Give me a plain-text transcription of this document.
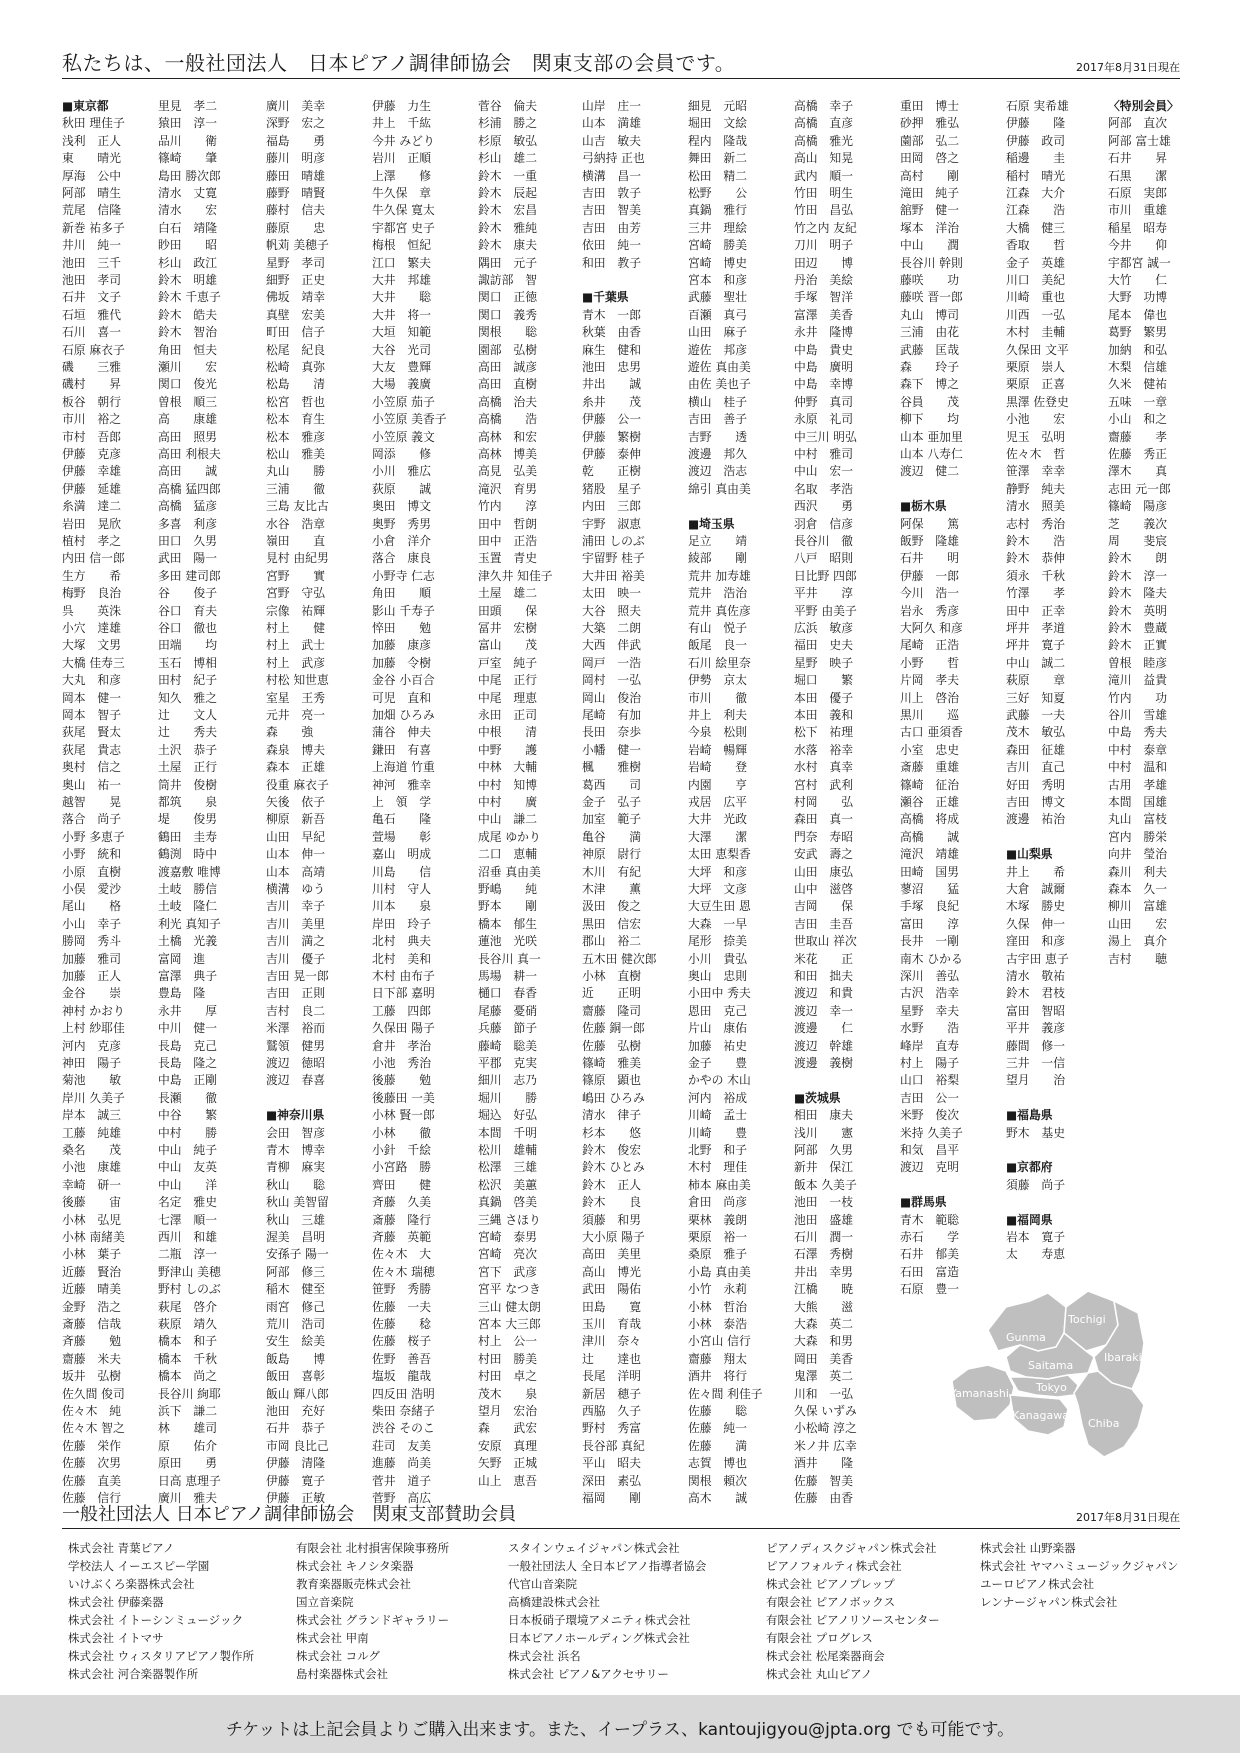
私たちは、一般社団法人　日本ピアノ調律師協会　関東支部の会員です。	2017年8月31日現在
■東京都
秋田 理佳子
浅利　正人
東　　晴光
厚海　公中
阿部　晴生
荒尾　信隆
新巻 祐多子
井川　純一
池田　三千
池田　孝司
石井　文子
石垣　雅代
石川　喜一
石原 麻衣子
磯　　三雅
磯村　　昇
板谷　朝行
市川　裕之
市村　吾郎
伊藤　克彦
伊藤　幸雄
伊藤　延雄
糸満　達二
岩田　晃欣
植村　孝之
内田 信一郎
生方　　希
梅野　良治
呉　　英洙
小穴　達雄
大塚　文男
大橋 佳寿三
大丸　和彦
岡本　健一
岡本　智子
荻尾　賢太
荻尾　貴志
奥村　信之
奥山　祐一
越智　　晃
落合　尚子
小野 多恵子
小野　統和
小原　直樹
小俣　愛沙
尾山　　格
小山　幸子
勝岡　秀斗
加藤　雅司
加藤　正人
金谷　　崇
神村 かおり
上村 紗耶佳
河内　克彦
神田　陽子
菊池　　敏
岸川 久美子
岸本　誠三
工藤　純雄
桑名　　茂
小池　康雄
幸崎　研一
後藤　　宙
小林　弘児
小林 南緒美
小林　葉子
近藤　賢治
近藤　晴美
金野　浩之
斎藤　信哉
斉藤　　勉
齋藤　米夫
坂井　弘樹
佐久間 俊司
佐々木　純
佐々木 智之
佐藤　栄作
佐藤　次男
佐藤　直美
佐藤　信行
里見　孝二
猿田　淳一
品川　　衛
篠崎　　肇
島田 勝次郎
清水　丈寛
清水　　宏
白石　靖隆
眇田　　昭
杉山　政江
鈴木　明雄
鈴木 千恵子
鈴木　皓夫
鈴木　智治
角田　恒夫
瀬川　　宏
関口　俊光
曽根　順三
高　　康雄
高田　照男
高田 利根夫
高田　　誠
高橋 猛四郎
高橋　猛彦
多喜　利彦
田口　久男
武田　陽一
多田 建司郎
谷　　俊子
谷口　育夫
谷口　徹也
田端　　均
玉石　博相
田村　紀子
知久　雅之
辻　　文人
辻　　秀夫
土沢　恭子
土屋　正行
筒井　俊樹
都筑　　泉
堤　　俊男
鶴田　圭寿
鶴渕　時中
渡嘉敷 唯博
土岐　勝信
土岐　隆仁
利光 真知子
土橋　光義
富岡　進
富澤　典子
豊島　隆
永井　　厚
中川　健一
長島　克己
長島　隆之
中島　正剛
長瀬　　徹
中谷　　繁
中村　　勝
中山　純子
中山　友英
中山　　洋
名定　雅史
七澤　順一
西川　和雄
二瓶　淳一
野津山 美穂
野村 しのぶ
萩尾　啓介
萩原　靖久
橋本　和子
橋本　千秋
橋本　尚之
長谷川 絢耶
浜下　謙二
林　　雄司
原　　佑介
原田　　勇
日高 恵理子
廣川　雅夫
廣川　美幸
深野　宏之
福島　　勇
藤川　明彦
藤田　晴雄
藤野　晴賢
藤村　信夫
藤原　　忠
帆苅 美穂子
星野　孝司
細野　正史
佛坂　靖幸
真壁　宏美
町田　信子
松尾　紀良
松崎　真弥
松島　　清
松宮　哲也
松本　育生
松本　雅彦
松山　雅美
丸山　　勝
三浦　　徹
三島 友比古
水谷　浩章
嶺田　　直
見村 由紀男
宮野　　實
宮野　守弘
宗像　祐輝
村上　　健
村上　武士
村上　武彦
村松 知世恵
室星　王秀
元井　亮一
森　　強
森泉　博夫
森本　正雄
役重 麻衣子
矢後　依子
柳原　新吾
山田　早紀
山本　伸一
山本　高靖
横溝　ゆう
吉川　幸子
吉川　美里
吉川　満之
吉川　優子
吉田 晃一郎
吉田　正則
吉村　良二
米澤　裕而
鷲領　健男
渡辺　徳昭
渡辺　春喜
■神奈川県
会田　智彦
青木　博幸
青柳　麻実
秋山　　聡
秋山 美智留
秋山　三雄
渥美　昌明
安孫子 陽一
阿部　修三
稲木　健至
雨宮　修己
荒川　浩司
安生　絵美
飯島　　博
飯田　喜彰
飯山 輝八郎
池田　充好
石井　恭子
市岡 良比己
伊藤　清隆
伊藤　寛子
伊藤　正敏
伊藤　力生
井上　千紘
今井 みどり
岩川　正順
上澤　　修
牛久保　章
牛久保 寛太
宇都宮 史子
梅根　恒紀
江口　繁夫
大井　邦雄
大井　　聡
大井　将一
大垣　知範
大谷　光司
大友　豊輝
大場　義廣
小笠原 茄子
小笠原 美香子
小笠原 義文
岡添　　修
小川　雅広
荻原　　誠
奥田　博文
奥野　秀男
小倉　洋介
落合　康良
小野寺 仁志
角田　　順
影山 千寿子
悴田　　勉
加藤　康彦
加藤　令樹
金谷 小百合
可児　直和
加畑 ひろみ
蒲谷　伸夫
鎌田　有喜
上海道 竹重
神河　雅幸
上　領　学
亀石　　隆
萱場　　彰
嘉山　明成
川島　　信
川村　守人
川本　　泉
岸田　玲子
北村　典夫
北村　美和
木村 由布子
日下部 嘉明
工藤　四郎
久保田 陽子
倉井　孝治
小池　秀治
後藤　　勉
後藤田 一美
小林 賢一郎
小林　　徹
小針　千絵
小宮路　勝
齊田　　健
斉藤　久美
斎藤　隆行
斉藤　英範
佐々木　大
佐々木 瑞穂
笹野　秀勝
佐藤　一夫
佐藤　　稔
佐藤　桜子
佐野　善吾
塩坂　龍哉
四反田 浩明
柴田 奈緒子
渋谷 そのこ
荘司　友美
進藤　尚美
菅井　道子
菅野　高広
菅谷　倫夫
杉浦　勝之
杉原　敏弘
杉山　雄二
鈴木　一重
鈴木　辰起
鈴木　宏昌
鈴木　雅純
鈴木　康夫
隅田　元子
諏訪部　智
関口　正徳
関口　義秀
関根　　聡
園部　弘樹
高田　誠彦
高田　直樹
高橋　治夫
高橋　　浩
高林　和宏
高林　博美
高見　弘美
滝沢　育男
竹内　　淳
田中　哲朗
田中　正浩
玉置　青史
津久井 知佳子
土屋　雄二
田頭　　保
冨井　宏樹
富山　　茂
戸室　純子
中尾　正行
中尾　理恵
永田　正司
中根　　清
中野　　護
中林　大輔
中村　知博
中村　　廣
中山　謙二
成尾 ゆかり
二口　恵輔
沼垂 真由美
野嶋　　純
野本　　剛
橋本　郁生
蓮池　光咲
長谷川 真一
馬場　耕一
樋口　春香
尾藤　憂硝
兵藤　節子
藤崎　聡美
平郡　克実
細川　志乃
堀川　　勝
堀込　好弘
本間　千明
松川　雄輔
松澤　三雄
松沢　美蕙
真鍋　啓美
三縄 さほり
宮崎　泰男
宮崎　亮次
宮下　武彦
宮平 なつき
三山 健太朗
宮本 大三郎
村上　公一
村田　勝美
村田　卓之
茂木　　泉
望月　宏治
森　　武宏
安原　真理
矢野　正城
山上　恵吾
山岸　庄一
山本　満雄
山吉　敏夫
弓納持 正也
横溝　昌一
吉田　敦子
吉田　智美
吉田　由芳
依田　純一
和田　教子
■千葉県
青木　一郎
秋葉　由香
麻生　健和
池田　忠男
井出　　誠
糸井　　茂
伊藤　公一
伊藤　繁樹
伊藤　泰伸
乾　　正樹
猪股　星子
内田　三郎
宇野　淑恵
浦田 しのぶ
宇留野 桂子
大井田 裕美
太田　映一
大谷　照夫
大築　二朗
大西　伴武
岡戸　一浩
岡村　一弘
岡山　俊治
尾崎　有加
長田　奈歩
小幡　健一
楓　　雅樹
葛西　　司
金子　弘子
加室　範子
亀谷　　満
神原　尉行
木川　有紀
木津　　薫
汲田　俊之
黒田　信宏
郡山　裕二
五木田 健次郎
小林　直樹
近　　正明
齋藤　隆司
佐藤 銅一郎
佐藤　弘樹
篠崎　雅美
篠原　顕也
嶋田 ひろみ
清水　律子
杉本　　悠
鈴木　俊宏
鈴木 ひとみ
鈴木　正人
鈴木　　良
須藤　和男
大小原 陽子
高田　美里
高山　博光
武田　陽佑
田島　　寛
玉川　育哉
津川　奈々
辻　　達也
長尾　洋明
新居　穂子
西脇　久子
野村　秀富
長谷部 真紀
平山　昭夫
深田　素弘
福岡　　剛
細見　元昭
堀田　文絵
程内　隆哉
舞田　新二
松田　精二
松野　　公
真鍋　雅行
三井　理絵
宮崎　勝美
宮崎　博史
宮本　和彦
武藤　聖壮
百瀬　真弓
山田　麻子
遊佐　邦彦
遊佐 真由美
由佐 美也子
横山　桂子
吉田　善子
吉野　　透
渡邊　邦久
渡辺　浩志
綿引 真由美
■埼玉県
足立　　靖
綾部　　剛
荒井 加寿雄
荒井　浩治
荒井 真佐彦
有山　悦子
飯尾　良一
石川 絵里奈
伊勢　京太
市川　　徹
井上　利夫
今泉　松則
岩崎　暢輝
岩崎　　登
内園　　亨
戎居　広平
大井　光政
大澤　　潔
太田 恵梨香
大坪　和彦
大坪　文彦
大豆生田 恩
大森　一早
尾形　捺美
小川　貴弘
奥山　忠則
小田中 秀夫
恩田　克己
片山　康佑
加藤　祐史
金子　　豊
かやの 木山
河内　裕成
川崎　孟士
川崎　　豊
北野　和子
木村　理佳
柿本 麻由美
倉田　尚彦
栗林　義朗
栗原　裕一
桑原　雅子
小島 真由美
小竹　永莉
小林　哲治
小林　泰浩
小宮山 信行
齋藤　翔太
酒井　将行
佐々間 利佳子
佐藤　　聡
佐藤　純一
佐藤　　満
志賀　博也
関根　頼次
高木　　誠
高橋　幸子
高橋　直彦
高橋　雅光
高山　知晃
武内　順一
竹田　明生
竹田　昌弘
竹之内 友紀
刀川　明子
田辺　　博
丹治　美絵
手塚　智洋
富澤　美香
永井　隆博
中島　貴史
中島　廣明
中島　幸博
仲野　真司
永原　礼司
中三川 明弘
中村　雅司
中山　宏一
名取　孝浩
西沢　　勇
羽倉　信彦
長谷川　徹
八戸　昭則
日比野 四郎
平井　　淳
平野 由美子
広浜　敏彦
福田　史夫
星野　映子
堀口　　繁
本田　優子
本田　義和
松下　祐理
水落　裕幸
水村　真幸
宮村　武利
村岡　　弘
森田　真一
門奈　寿昭
安武　壽之
山田　康弘
山中　滋啓
吉岡　　保
吉田　圭吾
世取山 祥次
米花　　正
和田　拙夫
渡辺　和貴
渡辺　幸一
渡邊　　仁
渡辺　幹雄
渡邊　義樹
■茨城県
相田　康夫
浅川　　憲
阿部　久男
新井　保江
飯本 久美子
池田　一枝
池田　盛雄
石川　潤一
石澤　秀樹
井出　幸男
江橋　　暁
大熊　　滋
大森　英二
大森　和男
岡田　美香
鬼澤　英二
川和　一弘
久保 いずみ
小松崎 淳之
米ノ井 広幸
酒井　　隆
佐藤　智美
佐藤　由香
重田　博士
砂押　雅弘
薗部　弘二
田岡　啓之
高村　　剛
滝田　純子
舘野　健一
塚本　洋治
中山　　潤
長谷川 幹則
藤咲　　功
藤咲 晋一郎
丸山　博司
三浦　由花
武藤　匡哉
森　　玲子
森下　博之
谷員　　茂
柳下　　均
山本 亜加里
山本 八寿仁
渡辺　健二
■栃木県
阿保　　篤
飯野　隆雄
石井　　明
伊藤　一郎
今川　浩一
岩永　秀彦
大阿久 和彦
尾崎　正浩
小野　　哲
片岡　孝夫
川上　啓治
黒川　　巡
古口 亜須香
小室　忠史
斎藤　重雄
篠崎　征治
瀬谷　正雄
高橋　将成
高橋　　誠
滝沢　靖雄
田崎　国男
蓼沼　　猛
手塚　良紀
富田　　淳
長井　一剛
南木 ひかる
深川　善弘
古沢　浩幸
星野　幸夫
水野　　浩
峰岸　直寿
村上　陽子
山口　裕梨
吉田　公一
米野　俊次
米持 久美子
和気　昌平
渡辺　克明
■群馬県
青木　範聡
赤石　　学
石井　郁美
石田　富造
石原　豊一
石原 実希雄
伊藤　　隆
伊藤　政司
稲邊　　圭
稲村　晴光
江森　大介
江森　　浩
大橋　健三
香取　　哲
金子　英雄
川口　美紀
川崎　重也
川西　一弘
木村　圭輔
久保田 文平
栗原　崇人
栗原　正喜
黒澤 佐登史
小池　　宏
児玉　弘明
佐々木　哲
笹澤　幸幸
静野　純夫
清水　照美
志村　秀治
鈴木　　浩
鈴木　恭伸
須永　千秋
竹澤　　孝
田中　正幸
坪井　孝道
坪井　寛子
中山　誠二
萩原　　章
三好　知夏
武藤　一夫
茂木　敏弘
森田　征雄
吉川　直己
好田　秀明
吉田　博文
渡邊　祐治
■山梨県
井上　　希
大倉　誠爾
木塚　勝史
久保　伸一
窪田　和彦
古宇田 恵子
清水　敬祐
鈴木　君枝
富田　智昭
平井　義彦
藤間　修一
三井　一信
望月　　治
■福島県
野木　基史
■京都府
須藤　尚子
■福岡県
岩本　寛子
太　　寿恵
〈特別会員〉
阿部　直次
阿部 富士雄
石井　　昇
石黒　　潔
石原　実郎
市川　重雄
稲星　昭寿
今井　　仰
宇都宮 誠一
大竹　　仁
大野　功博
尾本　偉也
葛野　繁男
加納　和弘
木梨　信雄
久米　健祐
五味　一章
小山　和之
齋藤　　孝
佐藤　秀正
澤木　　真
志田 元一郎
篠崎　陽彦
芝　　義次
周　　斐宸
鈴木　　朗
鈴木　淳一
鈴木　隆夫
鈴木　英明
鈴木　豊蔵
鈴木　正實
曽根　睦彦
滝川　益貴
竹内　　功
谷川　雪雄
中島　秀夫
中村　泰章
中村　温和
古用　孝雄
本間　国雄
丸山　富枝
宮内　勝栄
向井　瑩治
森川　利夫
森本　久一
柳川　富雄
山田　　宏
湯上　真介
吉村　　聴
Gunma
Tochigi
Ibaraki
Saitama
Tokyo
Yamanashi
Kanagawa
Chiba
一般社団法人 日本ピアノ調律師協会　関東支部賛助会員	2017年8月31日現在
株式会社 青葉ピアノ
学校法人 イーエスピー学園
いけぶくろ楽器株式会社
株式会社 伊藤楽器
株式会社 イトーシンミュージック
株式会社 イトマサ
株式会社 ウィスタリアピアノ製作所
株式会社 河合楽器製作所
有限会社 北村損害保険事務所
株式会社 キノシタ楽器
教育楽器販売株式会社
国立音楽院
株式会社 グランドギャラリー
株式会社 甲南
株式会社 コルグ
島村楽器株式会社
スタインウェイジャパン株式会社
一般社団法人 全日本ピアノ指導者協会
代官山音楽院
高橋建設株式会社
日本板硝子環境アメニティ株式会社
日本ピアノホールディング株式会社
株式会社 浜名
株式会社 ピアノ&アクセサリー
ピアノディスクジャパン株式会社
ピアノフォルティ株式会社
株式会社 ピアノプレップ
有限会社 ピアノボックス
有限会社 ピアノリソースセンター
有限会社 プログレス
株式会社 松尾楽器商会
株式会社 丸山ピアノ
株式会社 山野楽器
株式会社 ヤマハミュージックジャパン
ユーロピアノ株式会社
レンナージャパン株式会社
チケットは上記会員よりご購入出来ます。また、イープラス、kantoujigyou@jpta.org でも可能です。
